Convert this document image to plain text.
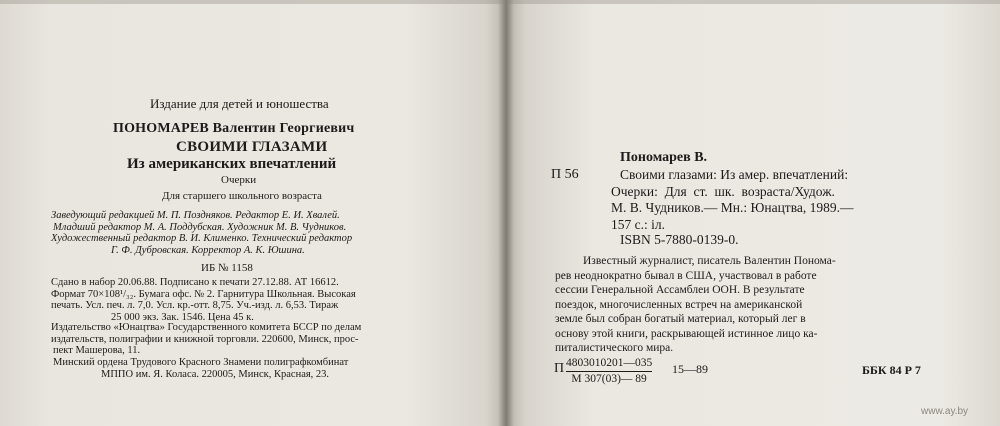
Издание для детей и юношества

ПОНОМАРЕВ Валентин Георгиевич

СВОИМИ ГЛАЗАМИ

Из американских впечатлений

Очерки

Для старшего школьного возраста

Заведующий редакцией М. П. Поздняков. Редактор Е. И. Хвалей.
Младший редактор М. А. Поддубская. Художник М. В. Чудников.
Художественный редактор В. И. Клименко. Технический редактор
Г. Ф. Дубровская. Корректор А. К. Юшина.

ИБ № 1158

Сдано в набор 20.06.88. Подписано к печати 27.12.88. АТ 16612.
Формат 70×108¹/₃₂. Бумага офс. № 2. Гарнитура Школьная. Высокая
печать. Усл. печ. л. 7,0. Усл. кр.-отт. 8,75. Уч.-изд. л. 6,53. Тираж
25 000 экз. Зак. 1546. Цена 45 к.
Издательство «Юнацтва» Государственного комитета БССР по делам
издательств, полиграфии и книжной торговли. 220600, Минск, прос-
пект Машерова, 11.
Минский ордена Трудового Красного Знамени полиграфкомбинат
МППО им. Я. Коласа. 220005, Минск, Красная, 23.

Пономарев В.

П 56	Своими глазами: Из амер. впечатлений:
Очерки:  Для  ст.  шк.  возраста/Худож.
М. В. Чудников.— Мн.: Юнацтва, 1989.—
157 с.: іл.

ISBN 5-7880-0139-0.

Известный журналист, писатель Валентин Понома-
рев неоднократно бывал в США, участвовал в работе
сессии Генеральной Ассамблеи ООН. В результате
поездок, многочисленных встреч на американской
земле был собран богатый материал, который лег в
основу этой книги, раскрывающей истинное лицо ка-
питалистического мира.

П 4803010201—035
М 307(03)— 89

15—89	ББК 84 Р 7

www.ay.by
